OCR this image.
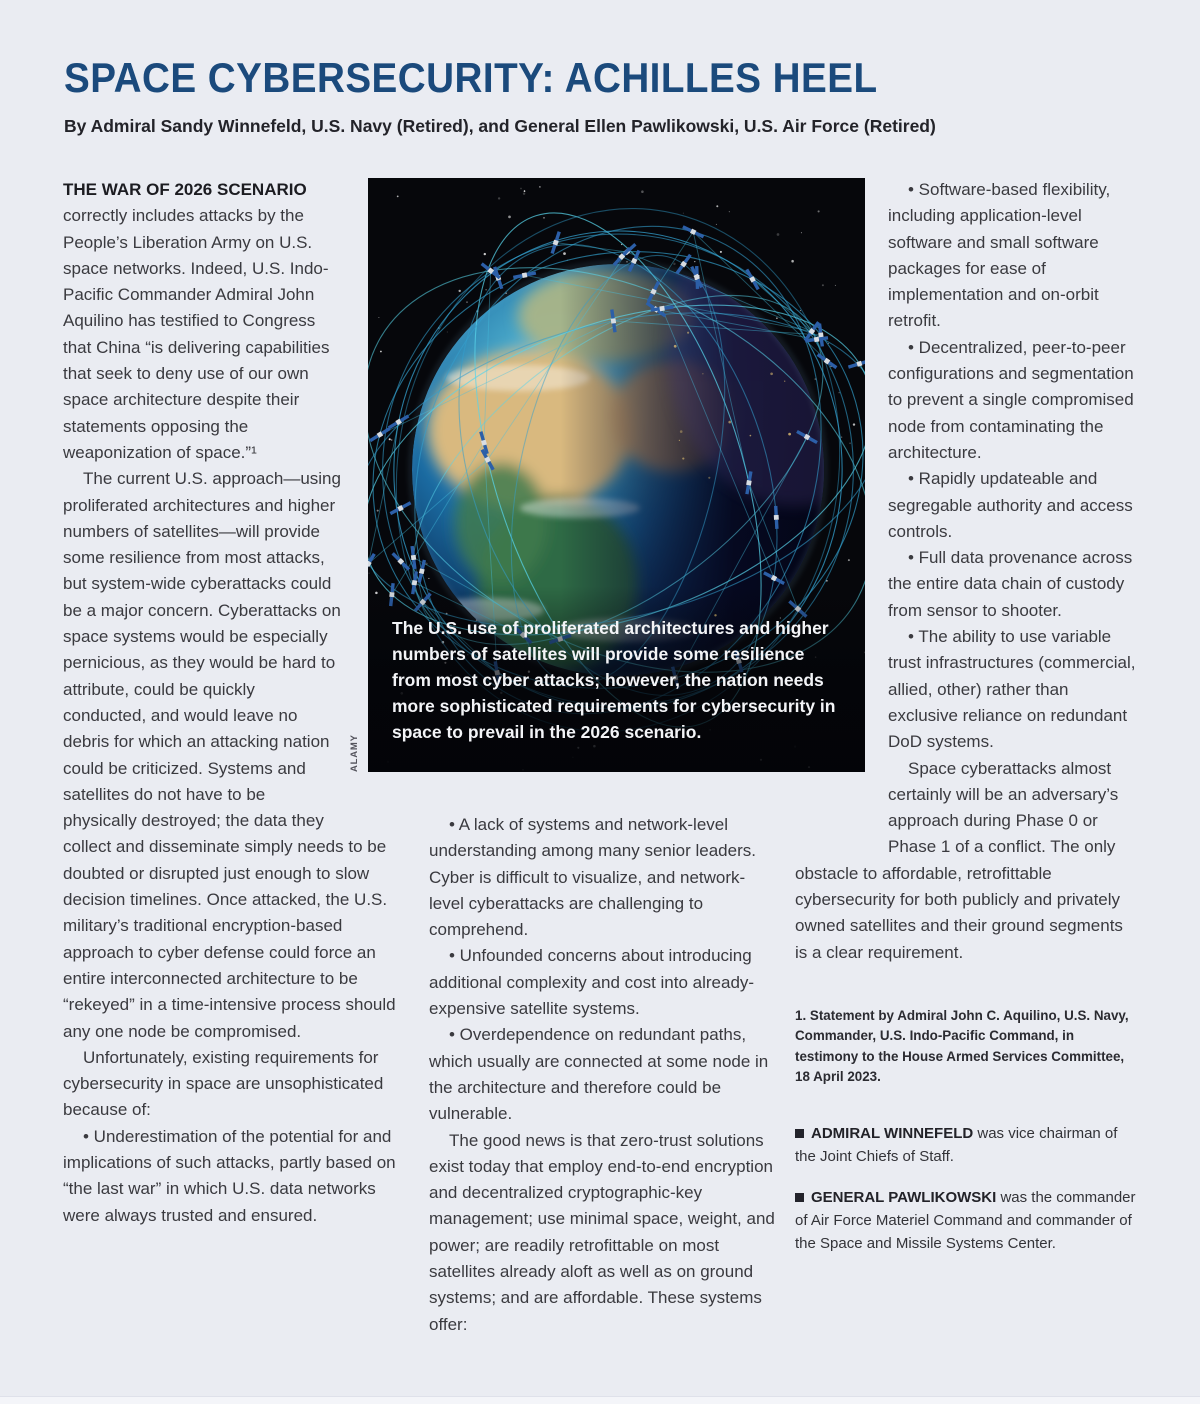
SPACE CYBERSECURITY: ACHILLES HEEL

By Admiral Sandy Winnefeld, U.S. Navy (Retired), and General Ellen Pawlikowski, U.S. Air Force (Retired)

THE WAR OF 2026 SCENARIO correctly includes attacks by the People’s Liberation Army on U.S. space networks. Indeed, U.S. Indo-Pacific Commander Admiral John Aquilino has testified to Congress that China “is delivering capabilities that seek to deny use of our own space architecture despite their statements opposing the weaponization of space.”¹

The current U.S. approach—using proliferated architectures and higher numbers of satellites—will provide some resilience from most attacks, but system-wide cyberattacks could be a major concern. Cyberattacks on space systems would be especially pernicious, as they would be hard to attribute, could be quickly conducted, and would leave no debris for which an attacking nation could be criticized. Systems and satellites do not have to be physically destroyed; the data they collect and disseminate simply needs to be doubted or disrupted just enough to slow decision timelines. Once attacked, the U.S. military’s traditional encryption-based approach to cyber defense could force an entire interconnected architecture to be “rekeyed” in a time-intensive process should any one node be compromised.

Unfortunately, existing requirements for cybersecurity in space are unsophisticated because of:

• Underestimation of the potential for and implications of such attacks, partly based on “the last war” in which U.S. data networks were always trusted and ensured.

The U.S. use of proliferated architectures and higher numbers of satellites will provide some resilience from most cyber attacks; however, the nation needs more sophisticated requirements for cybersecurity in space to prevail in the 2026 scenario.
ALAMY

• A lack of systems and network-level understanding among many senior leaders. Cyber is difficult to visualize, and network-level cyberattacks are challenging to comprehend.

• Unfounded concerns about introducing additional complexity and cost into already-expensive satellite systems.

• Overdependence on redundant paths, which usually are connected at some node in the architecture and therefore could be vulnerable.

The good news is that zero-trust solutions exist today that employ end-to-end encryption and decentralized cryptographic-key management; use minimal space, weight, and power; are readily retrofittable on most satellites already aloft as well as on ground systems; and are affordable. These systems offer:

• Software-based flexibility, including application-level software and small software packages for ease of implementation and on-orbit retrofit.

• Decentralized, peer-to-peer configurations and segmentation to prevent a single compromised node from contaminating the architecture.

• Rapidly updateable and segregable authority and access controls.

• Full data provenance across the entire data chain of custody from sensor to shooter.

• The ability to use variable trust infrastructures (commercial, allied, other) rather than exclusive reliance on redundant DoD systems.

Space cyberattacks almost certainly will be an adversary’s approach during Phase 0 or Phase 1 of a conflict. The only obstacle to affordable, retrofittable cybersecurity for both publicly and privately owned satellites and their ground segments is a clear requirement.

1. Statement by Admiral John C. Aquilino, U.S. Navy, Commander, U.S. Indo-Pacific Command, in testimony to the House Armed Services Committee, 18 April 2023.

ADMIRAL WINNEFELD was vice chairman of the Joint Chiefs of Staff.

GENERAL PAWLIKOWSKI was the commander of Air Force Materiel Command and commander of the Space and Missile Systems Center.
